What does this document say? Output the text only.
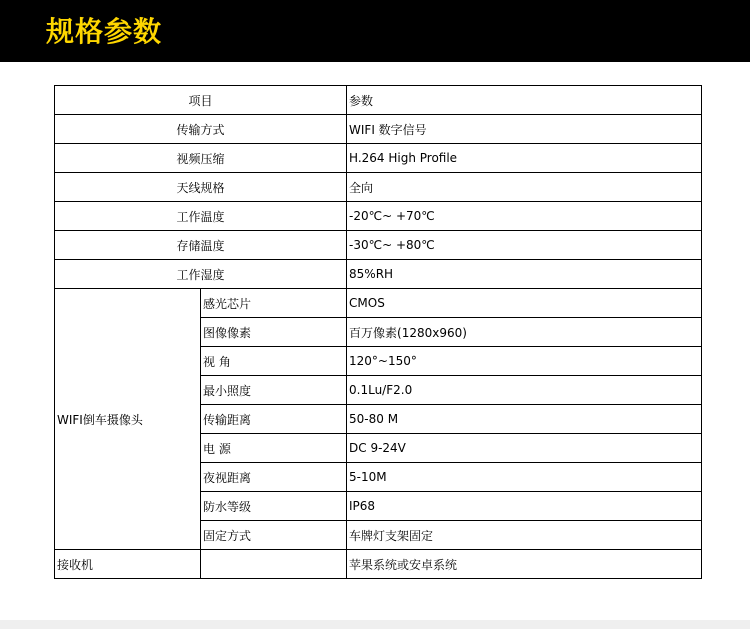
规格参数
项目		参数
传输方式		WIFI 数字信号
视频压缩		H.264 High Profile
天线规格		全向
工作温度		-20℃~ +70℃
存储温度		-30℃~ +80℃
工作湿度		85%RH
WIFI倒车摄像头	感光芯片	CMOS
	图像像素	百万像素(1280x960)
	视 角	120°~150°
	最小照度	0.1Lu/F2.0
	传输距离	50-80 M
	电 源	DC 9-24V
	夜视距离	5-10M
	防水等级	IP68
	固定方式	车牌灯支架固定
接收机		苹果系统或安卓系统
